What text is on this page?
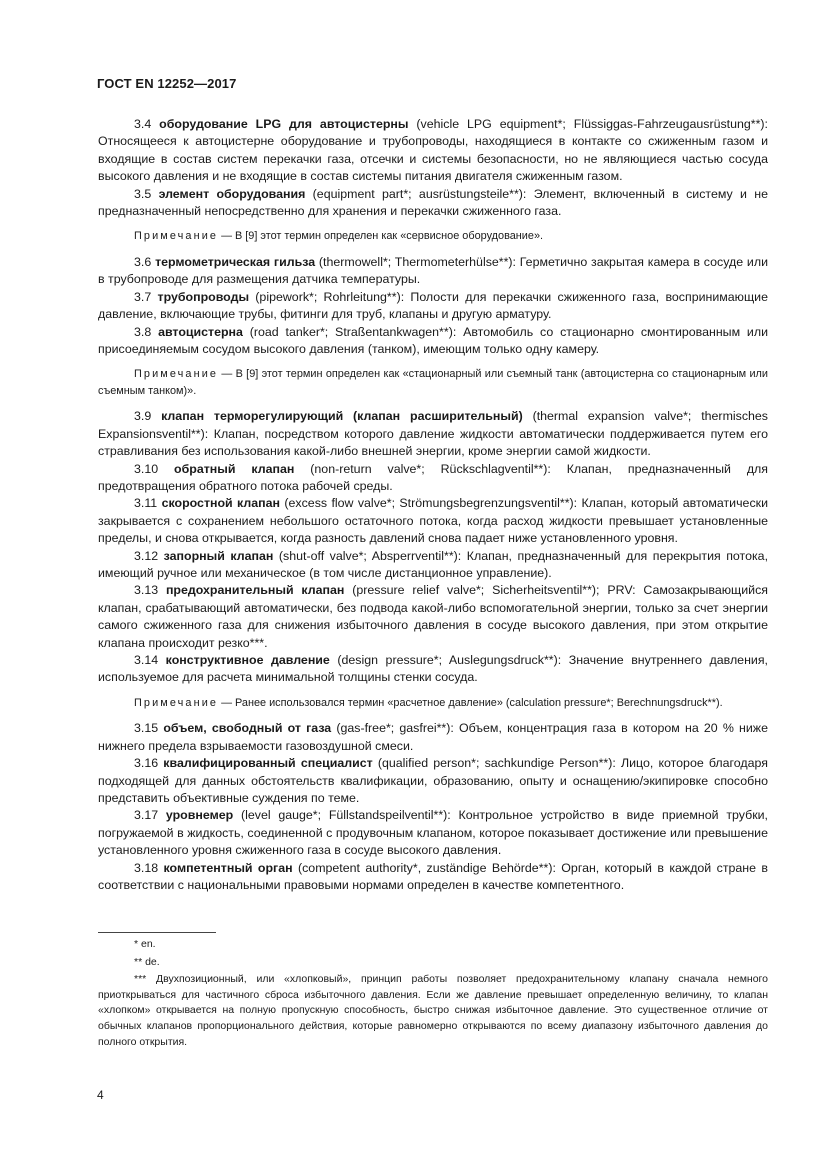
ГОСТ EN 12252—2017

3.4 оборудование LPG для автоцистерны (vehicle LPG equipment*; Flüssiggas-Fahrzeugausrüstung**): Относящееся к автоцистерне оборудование и трубопроводы, находящиеся в контакте со сжиженным газом и входящие в состав систем перекачки газа, отсечки и системы безопасности, но не являющиеся частью сосуда высокого давления и не входящие в состав системы питания двигателя сжиженным газом.

3.5 элемент оборудования (equipment part*; ausrüstungsteile**): Элемент, включенный в систему и не предназначенный непосредственно для хранения и перекачки сжиженного газа.

Примечание — В [9] этот термин определен как «сервисное оборудование».

3.6 термометрическая гильза (thermowell*; Thermometerhülse**): Герметично закрытая камера в сосуде или в трубопроводе для размещения датчика температуры.

3.7 трубопроводы (pipework*; Rohrleitung**): Полости для перекачки сжиженного газа, воспринимающие давление, включающие трубы, фитинги для труб, клапаны и другую арматуру.

3.8 автоцистерна (road tanker*; Straßentankwagen**): Автомобиль со стационарно смонтированным или присоединяемым сосудом высокого давления (танком), имеющим только одну камеру.

Примечание — В [9] этот термин определен как «стационарный или съемный танк (автоцистерна со стационарным или съемным танком)».

3.9 клапан терморегулирующий (клапан расширительный) (thermal expansion valve*; thermisches Expansionsventil**): Клапан, посредством которого давление жидкости автоматически поддерживается путем его стравливания без использования какой-либо внешней энергии, кроме энергии самой жидкости.

3.10 обратный клапан (non-return valve*; Rückschlagventil**): Клапан, предназначенный для предотвращения обратного потока рабочей среды.

3.11 скоростной клапан (excess flow valve*; Strömungsbegrenzungsventil**): Клапан, который автоматически закрывается с сохранением небольшого остаточного потока, когда расход жидкости превышает установленные пределы, и снова открывается, когда разность давлений снова падает ниже установленного уровня.

3.12 запорный клапан (shut-off valve*; Absperrventil**): Клапан, предназначенный для перекрытия потока, имеющий ручное или механическое (в том числе дистанционное управление).

3.13 предохранительный клапан (pressure relief valve*; Sicherheitsventil**); PRV: Самозакрывающийся клапан, срабатывающий автоматически, без подвода какой-либо вспомогательной энергии, только за счет энергии самого сжиженного газа для снижения избыточного давления в сосуде высокого давления, при этом открытие клапана происходит резко***.

3.14 конструктивное давление (design pressure*; Auslegungsdruck**): Значение внутреннего давления, используемое для расчета минимальной толщины стенки сосуда.

Примечание — Ранее использовался термин «расчетное давление» (calculation pressure*; Berechnungsdruck**).

3.15 объем, свободный от газа (gas-free*; gasfrei**): Объем, концентрация газа в котором на 20 % ниже нижнего предела взрываемости газовоздушной смеси.

3.16 квалифицированный специалист (qualified person*; sachkundige Person**): Лицо, которое благодаря подходящей для данных обстоятельств квалификации, образованию, опыту и оснащению/экипировке способно представить объективные суждения по теме.

3.17 уровнемер (level gauge*; Füllstandspeilventil**): Контрольное устройство в виде приемной трубки, погружаемой в жидкость, соединенной с продувочным клапаном, которое показывает достижение или превышение установленного уровня сжиженного газа в сосуде высокого давления.

3.18 компетентный орган (competent authority*, zuständige Behörde**): Орган, который в каждой стране в соответствии с национальными правовыми нормами определен в качестве компетентного.

* en.

** de.

*** Двухпозиционный, или «хлопковый», принцип работы позволяет предохранительному клапану сначала немного приоткрываться для частичного сброса избыточного давления. Если же давление превышает определенную величину, то клапан «хлопком» открывается на полную пропускную способность, быстро снижая избыточное давление. Это существенное отличие от обычных клапанов пропорционального действия, которые равномерно открываются по всему диапазону избыточного давления до полного открытия.

4
